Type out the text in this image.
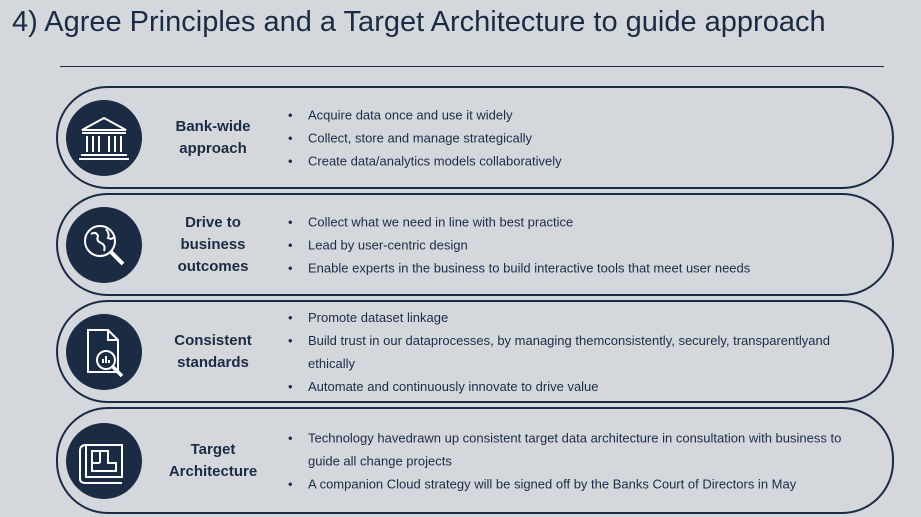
4) Agree Principles and a Target Architecture to guide approach
Bank-wide
approach
• Acquire data once and use it widely
• Collect, store and manage strategically
• Create data/analytics models collaboratively
Drive to
business
outcomes
• Collect what we need in line with best practice
• Lead by user-centric design
• Enable experts in the business to build interactive tools that meet user needs
Consistent
standards
• Promote dataset linkage
• Build trust in our dataprocesses, by managing themconsistently, securely, transparentlyand ethically
• Automate and continuously innovate to drive value
Target
Architecture
• Technology havedrawn up consistent target data architecture in consultation with business to guide all change projects
• A companion Cloud strategy will be signed off by the Banks Court of Directors in May
